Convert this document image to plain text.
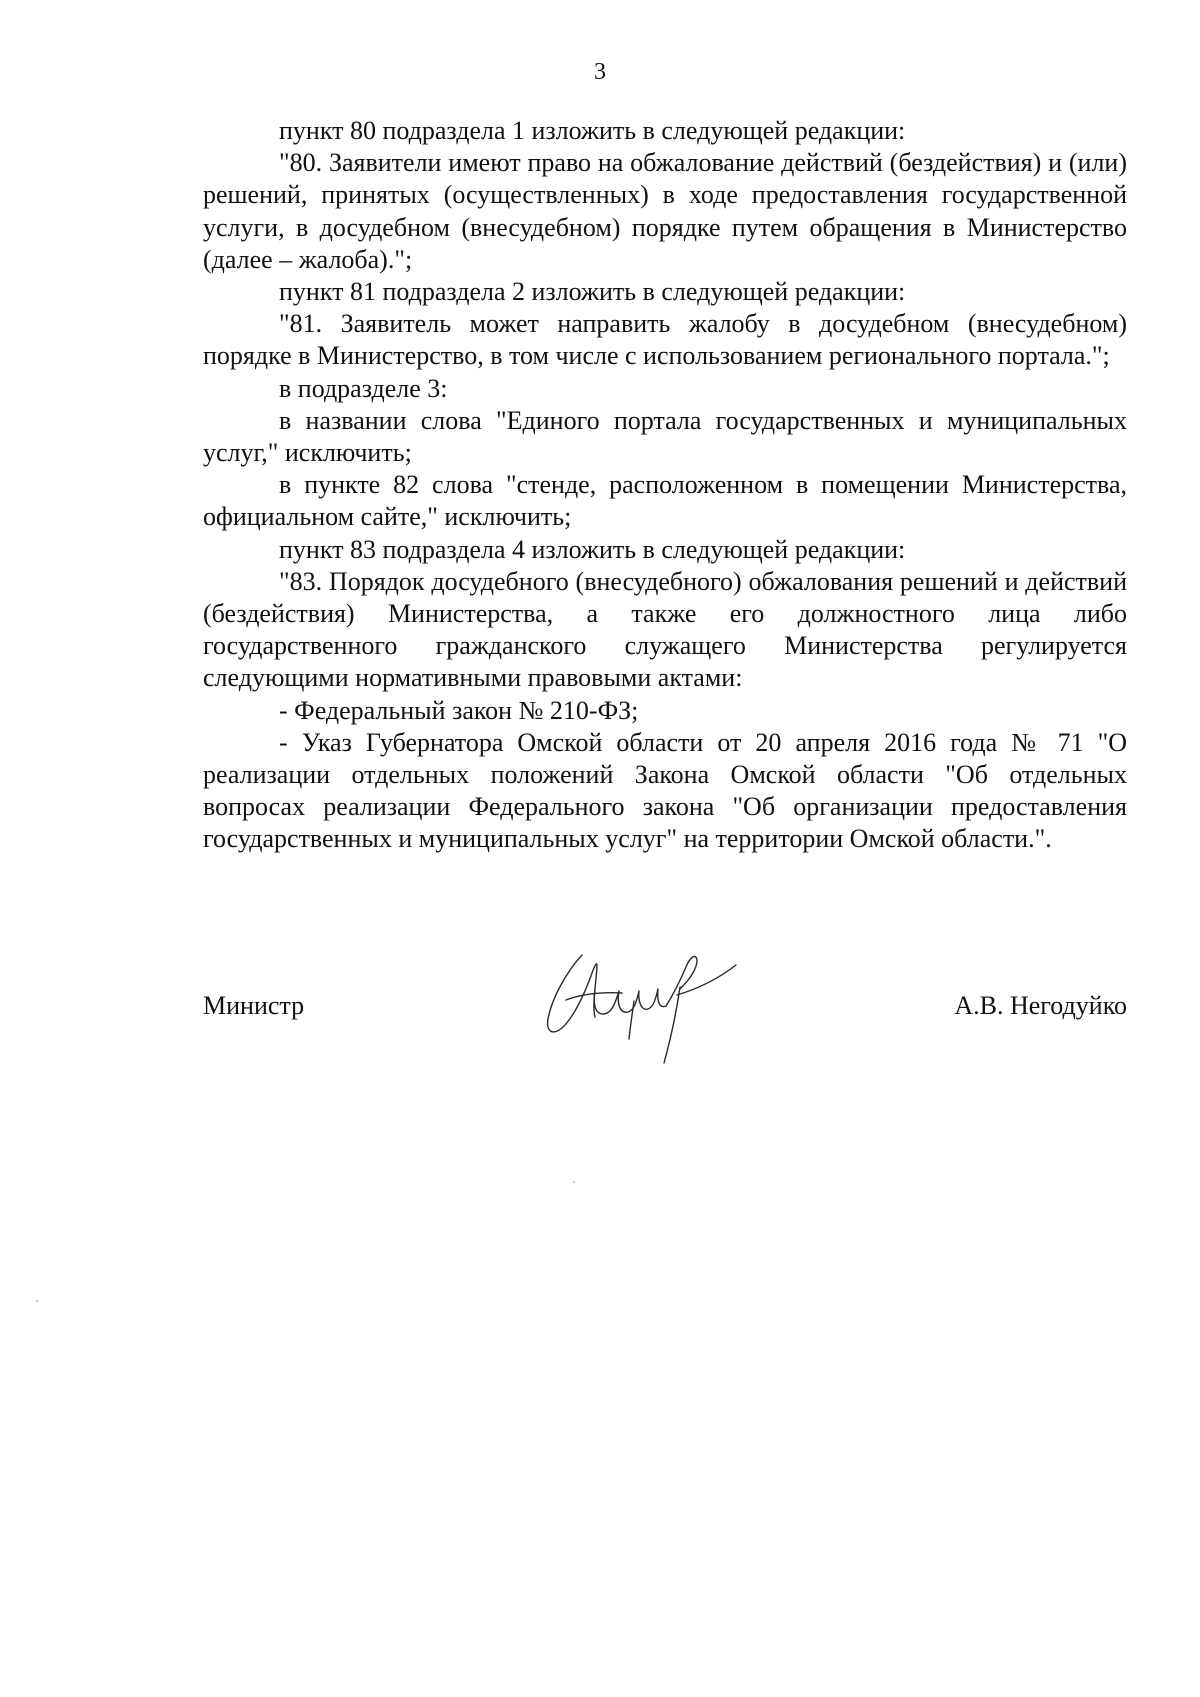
3

пункт 80 подраздела 1 изложить в следующей редакции:

"80. Заявители имеют право на обжалование действий (бездействия) и (или) решений, принятых (осуществленных) в ходе предоставления государственной услуги, в досудебном (внесудебном) порядке путем обращения в Министерство (далее – жалоба).";

пункт 81 подраздела 2 изложить в следующей редакции:

"81. Заявитель может направить жалобу в досудебном (внесудебном) порядке в Министерство, в том числе с использованием регионального портала.";

в подразделе 3:

в названии слова "Единого портала государственных и муниципальных услуг," исключить;

в пункте 82 слова "стенде, расположенном в помещении Министерства, официальном сайте," исключить;

пункт 83 подраздела 4 изложить в следующей редакции:

"83. Порядок досудебного (внесудебного) обжалования решений и действий (бездействия) Министерства, а также его должностного лица либо государственного гражданского служащего Министерства регулируется следующими нормативными правовыми актами:

- Федеральный закон № 210-ФЗ;

- Указ Губернатора Омской области от 20 апреля 2016 года № 71 "О реализации отдельных положений Закона Омской области "Об отдельных вопросах реализации Федерального закона "Об организации предоставления государственных и муниципальных услуг" на территории Омской области.".

Министр	А.В. Негодуйко
